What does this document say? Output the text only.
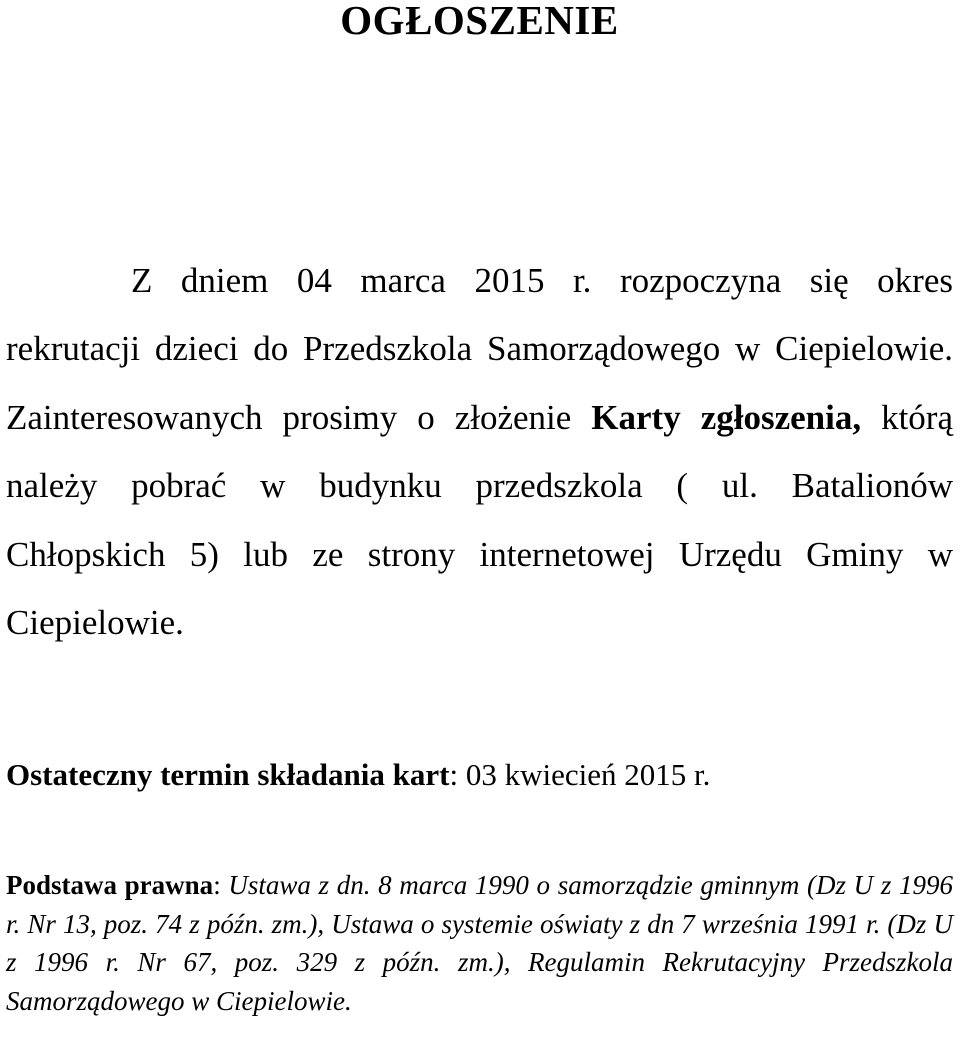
OGŁOSZENIE

Z dniem 04 marca 2015 r. rozpoczyna się okres rekrutacji dzieci do Przedszkola Samorządowego w Ciepielowie. Zainteresowanych prosimy o złożenie Karty zgłoszenia, którą należy pobrać w budynku przedszkola ( ul. Batalionów Chłopskich 5) lub ze strony internetowej Urzędu Gminy w Ciepielowie.

Ostateczny termin składania kart: 03 kwiecień 2015 r.

Podstawa prawna: Ustawa z dn. 8 marca 1990 o samorządzie gminnym (Dz U z 1996 r. Nr 13, poz. 74 z późn. zm.), Ustawa o systemie oświaty z dn 7 września 1991 r. (Dz U z 1996 r. Nr 67, poz. 329 z późn. zm.), Regulamin Rekrutacyjny Przedszkola Samorządowego w Ciepielowie.
